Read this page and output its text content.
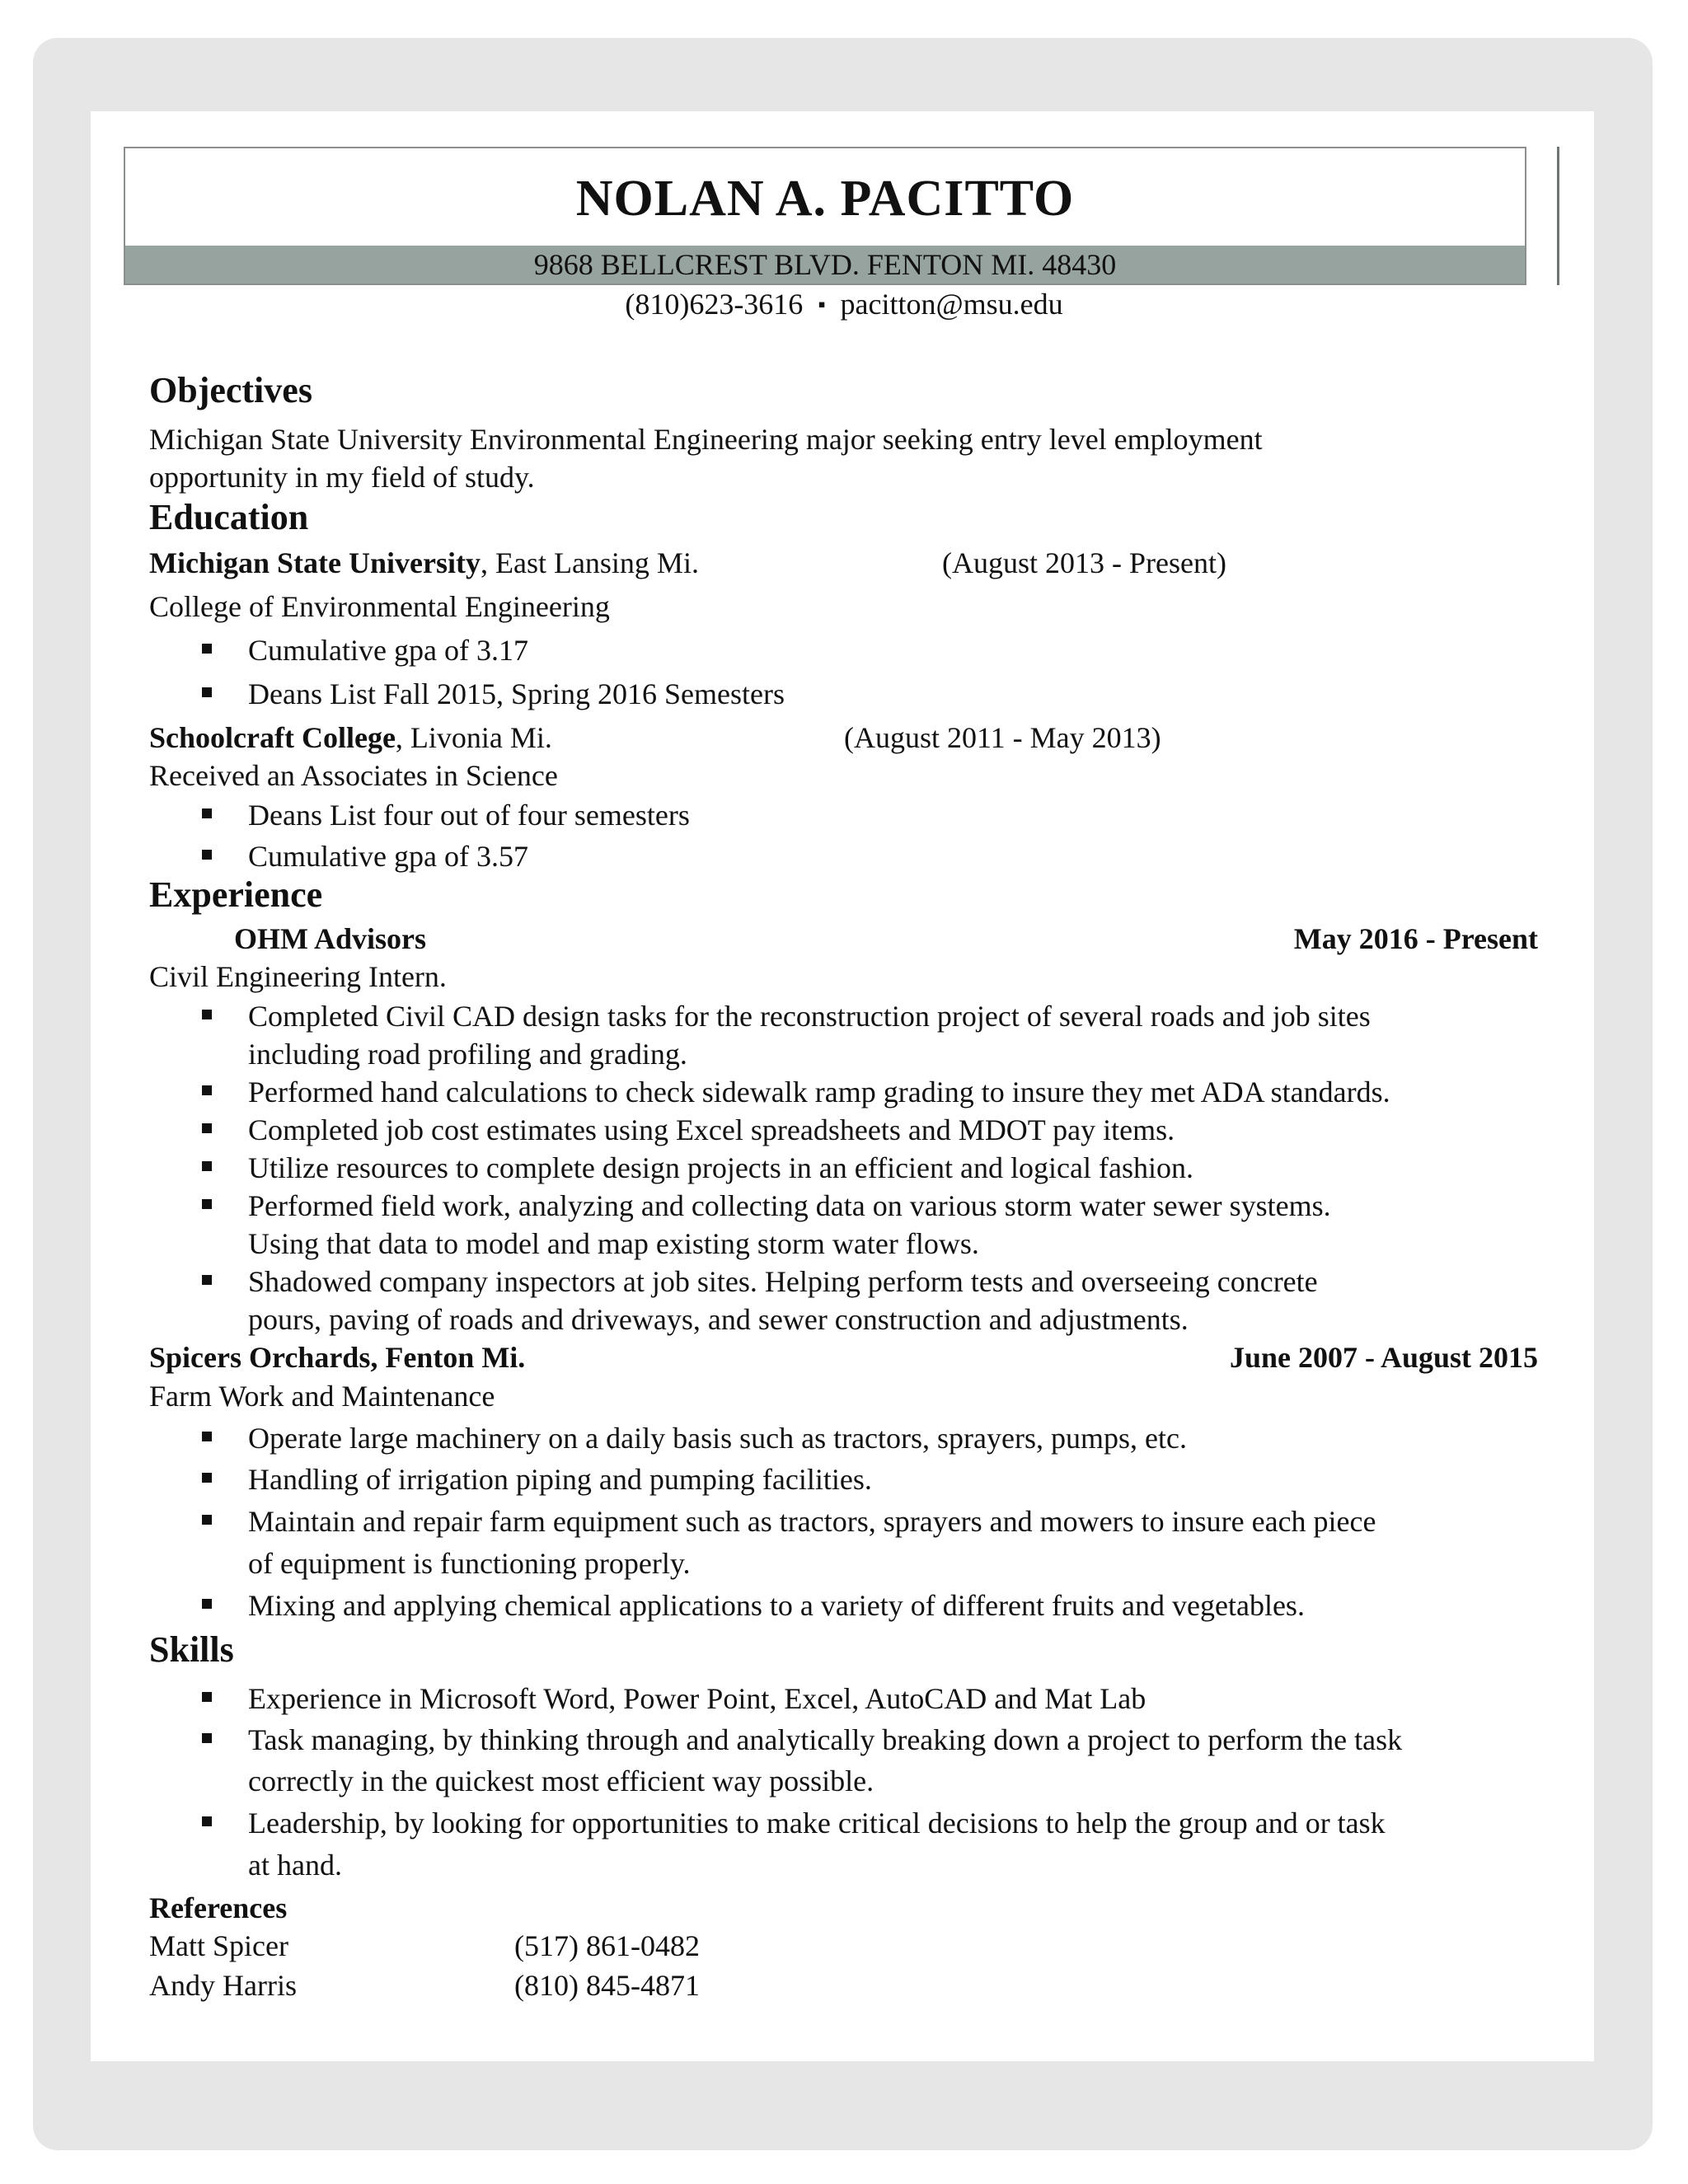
NOLAN A. PACITTO
9868 BELLCREST BLVD. FENTON MI. 48430
(810)623-3616 ▪ pacitton@msu.edu
Objectives
Michigan State University Environmental Engineering major seeking entry level employment
opportunity in my field of study.
Education
Michigan State University, East Lansing Mi.	(August 2013 - Present)
College of Environmental Engineering
Cumulative gpa of 3.17
Deans List Fall 2015, Spring 2016 Semesters
Schoolcraft College, Livonia Mi.	(August 2011 - May 2013)
Received an Associates in Science
Deans List four out of four semesters
Cumulative gpa of 3.57
Experience
OHM Advisors	May 2016 - Present
Civil Engineering Intern.
Completed Civil CAD design tasks for the reconstruction project of several roads and job sites
including road profiling and grading.
Performed hand calculations to check sidewalk ramp grading to insure they met ADA standards.
Completed job cost estimates using Excel spreadsheets and MDOT pay items.
Utilize resources to complete design projects in an efficient and logical fashion.
Performed field work, analyzing and collecting data on various storm water sewer systems.
Using that data to model and map existing storm water flows.
Shadowed company inspectors at job sites. Helping perform tests and overseeing concrete
pours, paving of roads and driveways, and sewer construction and adjustments.
Spicers Orchards, Fenton Mi.	June 2007 - August 2015
Farm Work and Maintenance
Operate large machinery on a daily basis such as tractors, sprayers, pumps, etc.
Handling of irrigation piping and pumping facilities.
Maintain and repair farm equipment such as tractors, sprayers and mowers to insure each piece
of equipment is functioning properly.
Mixing and applying chemical applications to a variety of different fruits and vegetables.
Skills
Experience in Microsoft Word, Power Point, Excel, AutoCAD and Mat Lab
Task managing, by thinking through and analytically breaking down a project to perform the task
correctly in the quickest most efficient way possible.
Leadership, by looking for opportunities to make critical decisions to help the group and or task
at hand.
References
Matt Spicer	(517) 861-0482
Andy Harris	(810) 845-4871
